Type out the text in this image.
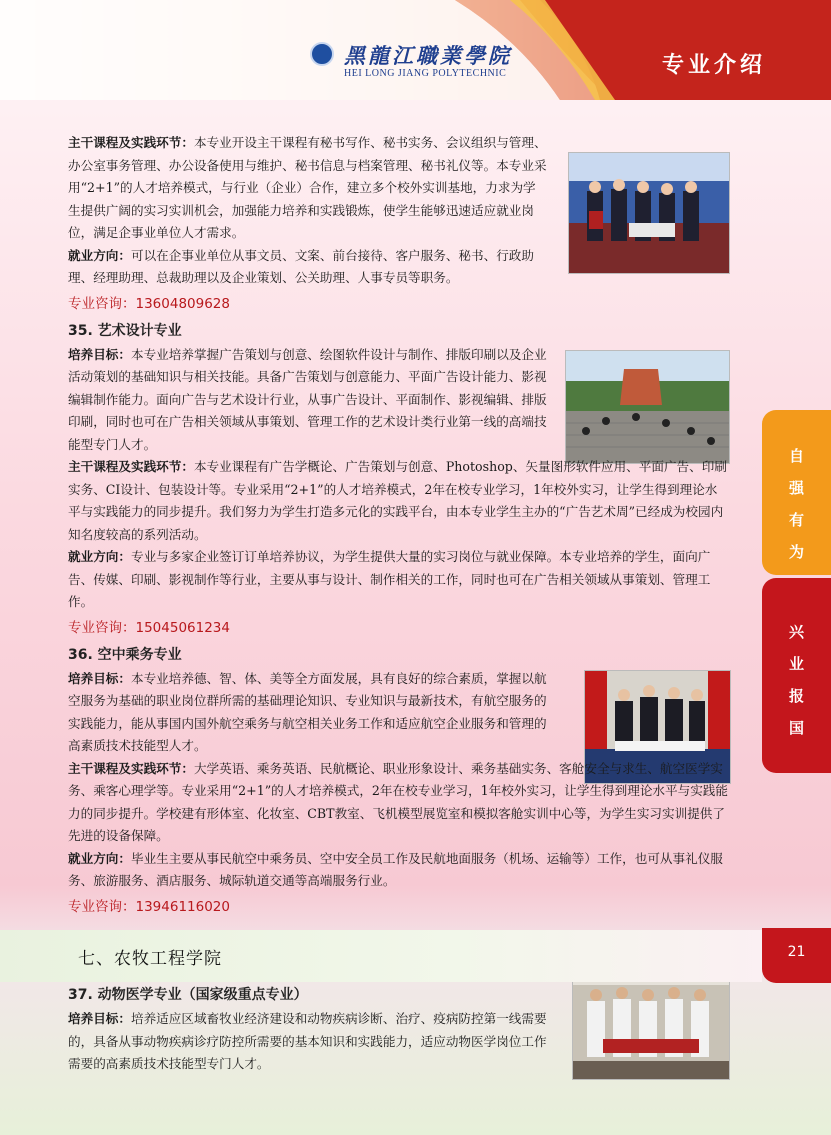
黑龍江職業學院
HEI LONG JIANG POLYTECHNIC	专业介绍
自
强
有
为
兴
业
报
国
21

主干课程及实践环节：本专业开设主干课程有秘书写作、秘书实务、会议组织与管理、办公室事务管理、办公设备使用与维护、秘书信息与档案管理、秘书礼仪等。本专业采用“2+1”的人才培养模式，与行业（企业）合作，建立多个校外实训基地，力求为学生提供广阔的实习实训机会，加强能力培养和实践锻炼，使学生能够迅速适应就业岗位，满足企事业单位人才需求。

就业方向：可以在企事业单位从事文员、文案、前台接待、客户服务、秘书、行政助理、经理助理、总裁助理以及企业策划、公关助理、人事专员等职务。

专业咨询：13604809628
35. 艺术设计专业

培养目标：本专业培养掌握广告策划与创意、绘图软件设计与制作、排版印刷以及企业活动策划的基础知识与相关技能。具备广告策划与创意能力、平面广告设计能力、影视编辑制作能力。面向广告与艺术设计行业，从事广告设计、平面制作、影视编辑、排版印刷，同时也可在广告相关领域从事策划、管理工作的艺术设计类行业第一线的高端技能型专门人才。

主干课程及实践环节：本专业课程有广告学概论、广告策划与创意、Photoshop、矢量图形软件应用、平面广告、印刷实务、CI设计、包装设计等。专业采用“2+1”的人才培养模式，2年在校专业学习，1年校外实习，让学生得到理论水平与实践能力的同步提升。我们努力为学生打造多元化的实践平台，由本专业学生主办的“广告艺术周”已经成为校园内知名度较高的系列活动。

就业方向：专业与多家企业签订订单培养协议，为学生提供大量的实习岗位与就业保障。本专业培养的学生，面向广告、传媒、印刷、影视制作等行业，主要从事与设计、制作相关的工作，同时也可在广告相关领域从事策划、管理工作。

专业咨询：15045061234
36. 空中乘务专业

培养目标：本专业培养德、智、体、美等全方面发展，具有良好的综合素质，掌握以航空服务为基础的职业岗位群所需的基础理论知识、专业知识与最新技术，有航空服务的实践能力，能从事国内国外航空乘务与航空相关业务工作和适应航空企业服务和管理的高素质技术技能型人才。

主干课程及实践环节：大学英语、乘务英语、民航概论、职业形象设计、乘务基础实务、客舱安全与求生、航空医学实务、乘客心理学等。专业采用“2+1”的人才培养模式，2年在校专业学习，1年校外实习，让学生得到理论水平与实践能力的同步提升。学校建有形体室、化妆室、CBT教室、飞机模型展览室和模拟客舱实训中心等，为学生实习实训提供了先进的设备保障。

就业方向：毕业生主要从事民航空中乘务员、空中安全员工作及民航地面服务（机场、运输等）工作，也可从事礼仪服务、旅游服务、酒店服务、城际轨道交通等高端服务行业。

专业咨询：13946116020
七、农牧工程学院
37. 动物医学专业（国家级重点专业）

培养目标：培养适应区域畜牧业经济建设和动物疾病诊断、治疗、疫病防控第一线需要的，具备从事动物疾病诊疗防控所需要的基本知识和实践能力，适应动物医学岗位工作需要的高素质技术技能型专门人才。
